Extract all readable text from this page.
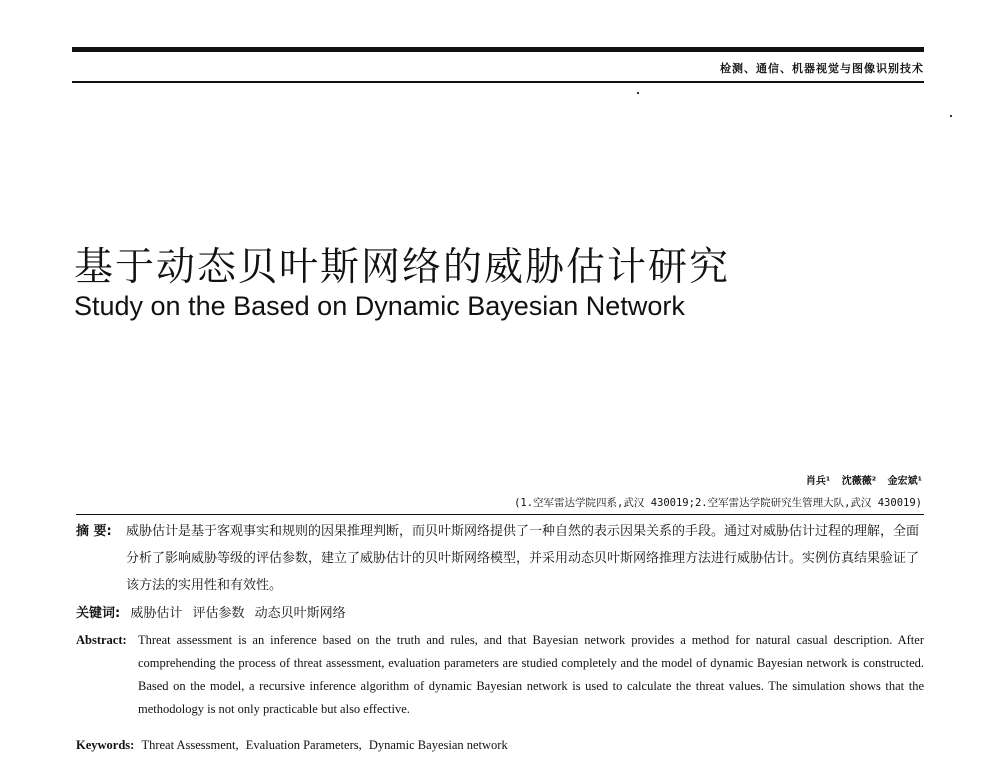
检测、通信、机器视觉与图像识别技术
基于动态贝叶斯网络的威胁估计研究
Study on the Based on Dynamic Bayesian Network
肖兵¹ 沈薇薇² 金宏斌¹
(1.空军雷达学院四系,武汉 430019;2.空军雷达学院研究生管理大队,武汉 430019)
摘 要:	威胁估计是基于客观事实和规则的因果推理判断，而贝叶斯网络提供了一种自然的表示因果关系的手段。通过对威胁估计过程的理解，全面分析了影响威胁等级的评估参数，建立了威胁估计的贝叶斯网络模型，并采用动态贝叶斯网络推理方法进行威胁估计。实例仿真结果验证了该方法的实用性和有效性。
关键词: 威胁估计 评估参数 动态贝叶斯网络
Abstract: Threat assessment is an inference based on the truth and rules, and that Bayesian network provides a method for natural casual description. After comprehending the process of threat assessment, evaluation parameters are studied completely and the model of dynamic Bayesian network is constructed. Based on the model, a recursive inference algorithm of dynamic Bayesian network is used to calculate the threat values. The simulation shows that the methodology is not only practicable but also effective.
Keywords: Threat Assessment, Evaluation Parameters, Dynamic Bayesian network
